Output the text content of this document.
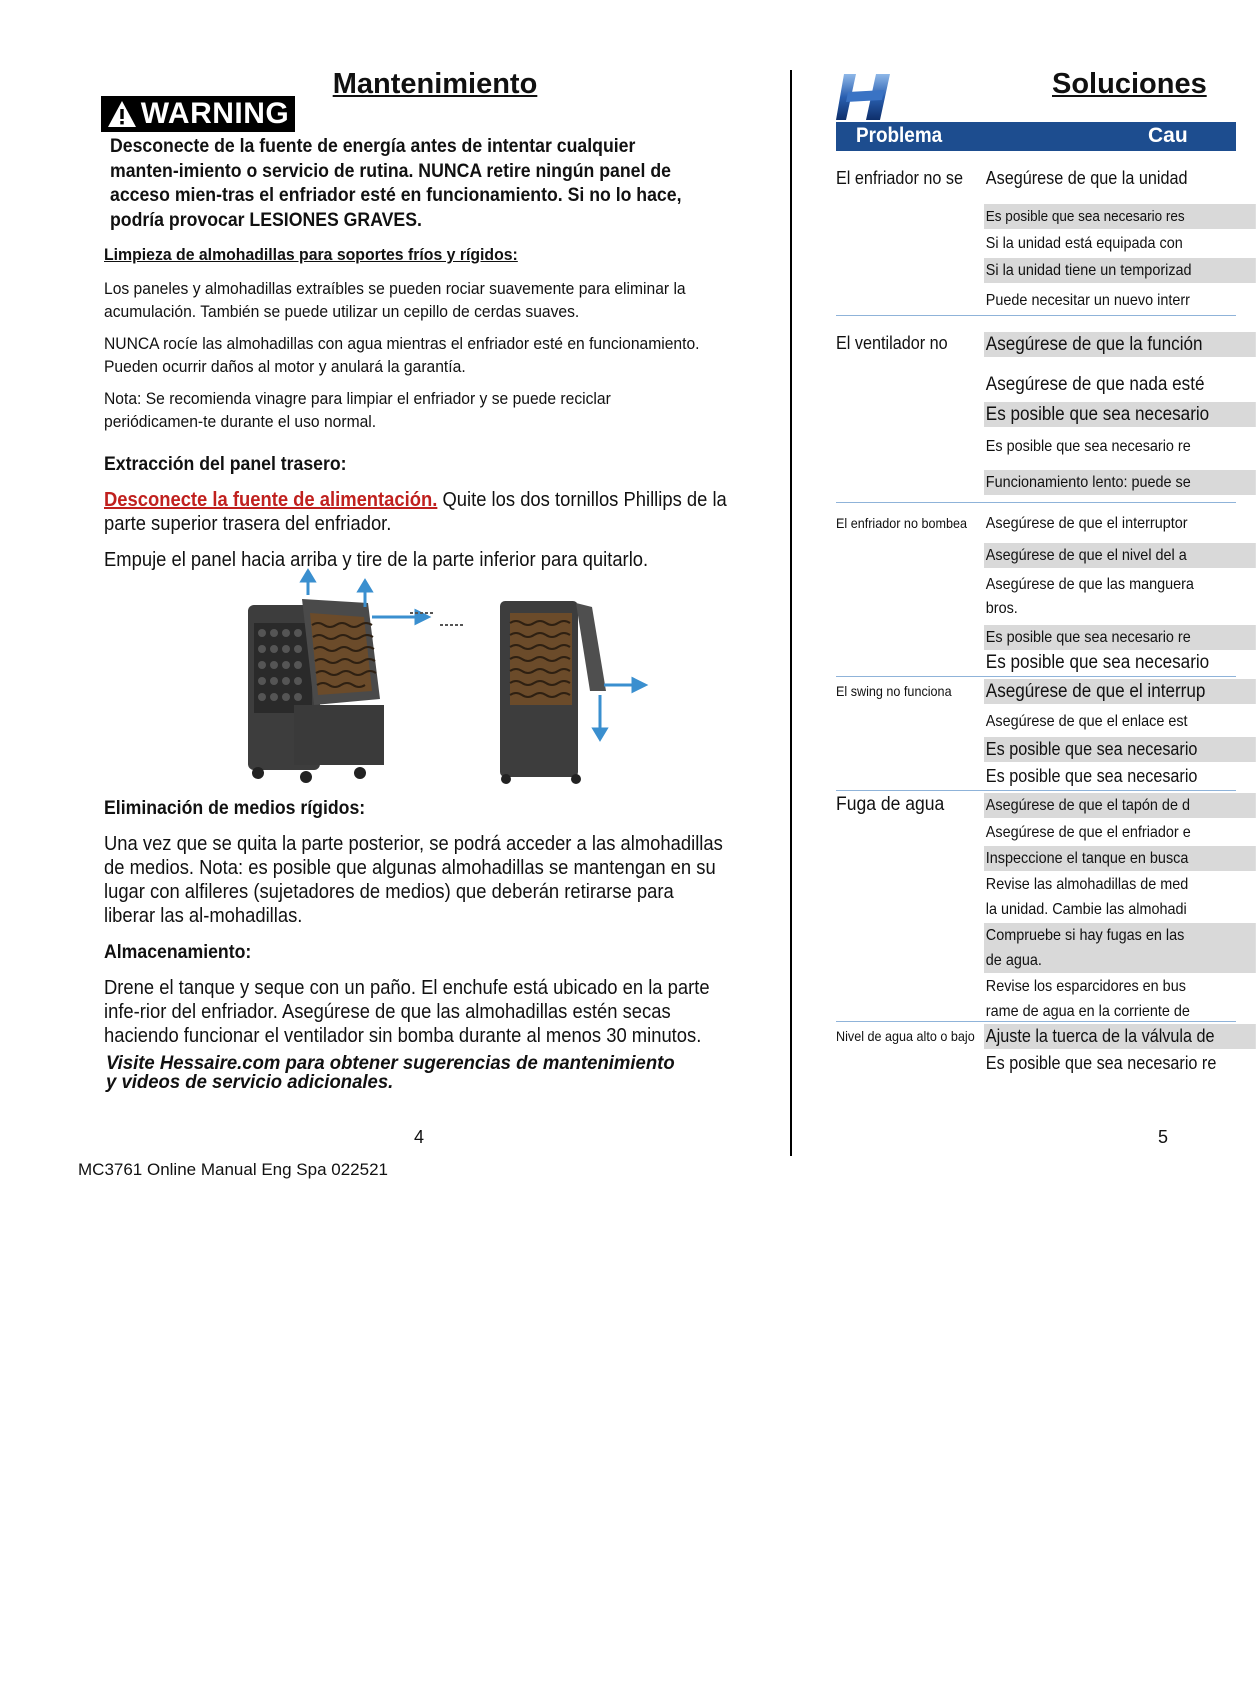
Mantenimiento
WARNING
Desconecte de la fuente de energía antes de intentar cualquier manten-imiento o servicio de rutina. NUNCA retire ningún panel de acceso mien-tras el enfriador esté en funcionamiento. Si no lo hace, podría provocar LESIONES GRAVES.
Limpieza de almohadillas para soportes fríos y rígidos:
Los paneles y almohadillas extraíbles se pueden rociar suavemente para eliminar la acumulación. También se puede utilizar un cepillo de cerdas suaves.
NUNCA rocíe las almohadillas con agua mientras el enfriador esté en funcionamiento. Pueden ocurrir daños al motor y anulará la garantía.
Nota: Se recomienda vinagre para limpiar el enfriador y se puede reciclar periódicamen-te durante el uso normal.
Extracción del panel trasero:
Desconecte la fuente de alimentación. Quite los dos tornillos Phillips de la parte superior trasera del enfriador.
Empuje el panel hacia arriba y tire de la parte inferior para quitarlo.
Eliminación de medios rígidos:
Una vez que se quita la parte posterior, se podrá acceder a las almohadillas de medios. Nota: es posible que algunas almohadillas se mantengan en su lugar con alfileres (sujetadores de medios) que deberán retirarse para liberar las al-mohadillas.
Almacenamiento:
Drene el tanque y seque con un paño. El enchufe está ubicado en la parte infe-rior del enfriador. Asegúrese de que las almohadillas estén secas haciendo funcionar el ventilador sin bomba durante al menos 30 minutos.
Visite Hessaire.com para obtener sugerencias de mantenimiento
y videos de servicio adicionales.
4
MC3761 Online Manual Eng Spa 022521
Soluciones
Problema	Cau
El enfriador no se
El ventilador no
El enfriador no bombea
El swing no funciona
Fuga de agua
Nivel de agua alto o bajo
Asegúrese de que la unidad
Es posible que sea necesario res
Si la unidad está equipada con
Si la unidad tiene un temporizad
Puede necesitar un nuevo interr
Asegúrese de que la función
Asegúrese de que nada esté
Es posible que sea necesario
Es posible que sea necesario re
Funcionamiento lento: puede se
Asegúrese de que el interruptor
Asegúrese de que el nivel del a
Asegúrese de que las manguera
bros.
Es posible que sea necesario re
Es posible que sea necesario
Asegúrese de que el interrup
Asegúrese de que el enlace est
Es posible que sea necesario
Es posible que sea necesario
Asegúrese de que el tapón de d
Asegúrese de que el enfriador e
Inspeccione el tanque en busca
Revise las almohadillas de med
la unidad. Cambie las almohadi
Compruebe si hay fugas en las
de agua.
Revise los esparcidores en bus
rame de agua en la corriente de
Ajuste la tuerca de la válvula de
Es posible que sea necesario re
5
